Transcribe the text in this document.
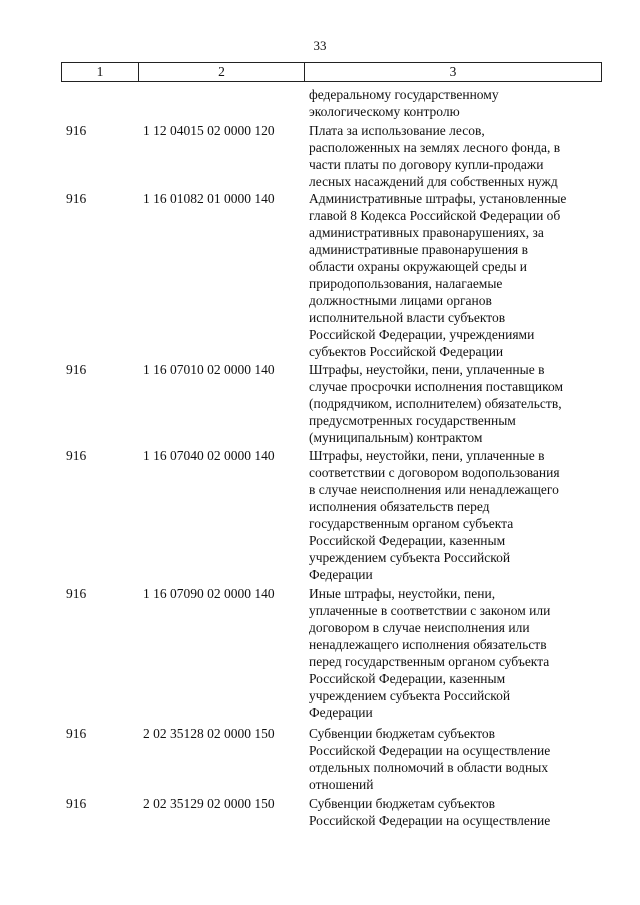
33
1	2	3
федеральному государственному
экологическому контролю
916	1 12 04015 02 0000 120	Плата за использование лесов,
расположенных на землях лесного фонда, в
части платы по договору купли-продажи
лесных насаждений для собственных нужд
916	1 16 01082 01 0000 140	Административные штрафы, установленные
главой 8 Кодекса Российской Федерации об
административных правонарушениях, за
административные правонарушения в
области охраны окружающей среды и
природопользования, налагаемые
должностными лицами органов
исполнительной власти субъектов
Российской Федерации, учреждениями
субъектов Российской Федерации
916	1 16 07010 02 0000 140	Штрафы, неустойки, пени, уплаченные в
случае просрочки исполнения поставщиком
(подрядчиком, исполнителем) обязательств,
предусмотренных государственным
(муниципальным) контрактом
916	1 16 07040 02 0000 140	Штрафы, неустойки, пени, уплаченные в
соответствии с договором водопользования
в случае неисполнения или ненадлежащего
исполнения обязательств перед
государственным органом субъекта
Российской Федерации, казенным
учреждением субъекта Российской
Федерации
916	1 16 07090 02 0000 140	Иные штрафы, неустойки, пени,
уплаченные в соответствии с законом или
договором в случае неисполнения или
ненадлежащего исполнения обязательств
перед государственным органом субъекта
Российской Федерации, казенным
учреждением субъекта Российской
Федерации
916	2 02 35128 02 0000 150	Субвенции бюджетам субъектов
Российской Федерации на осуществление
отдельных полномочий в области водных
отношений
916	2 02 35129 02 0000 150	Субвенции бюджетам субъектов
Российской Федерации на осуществление
